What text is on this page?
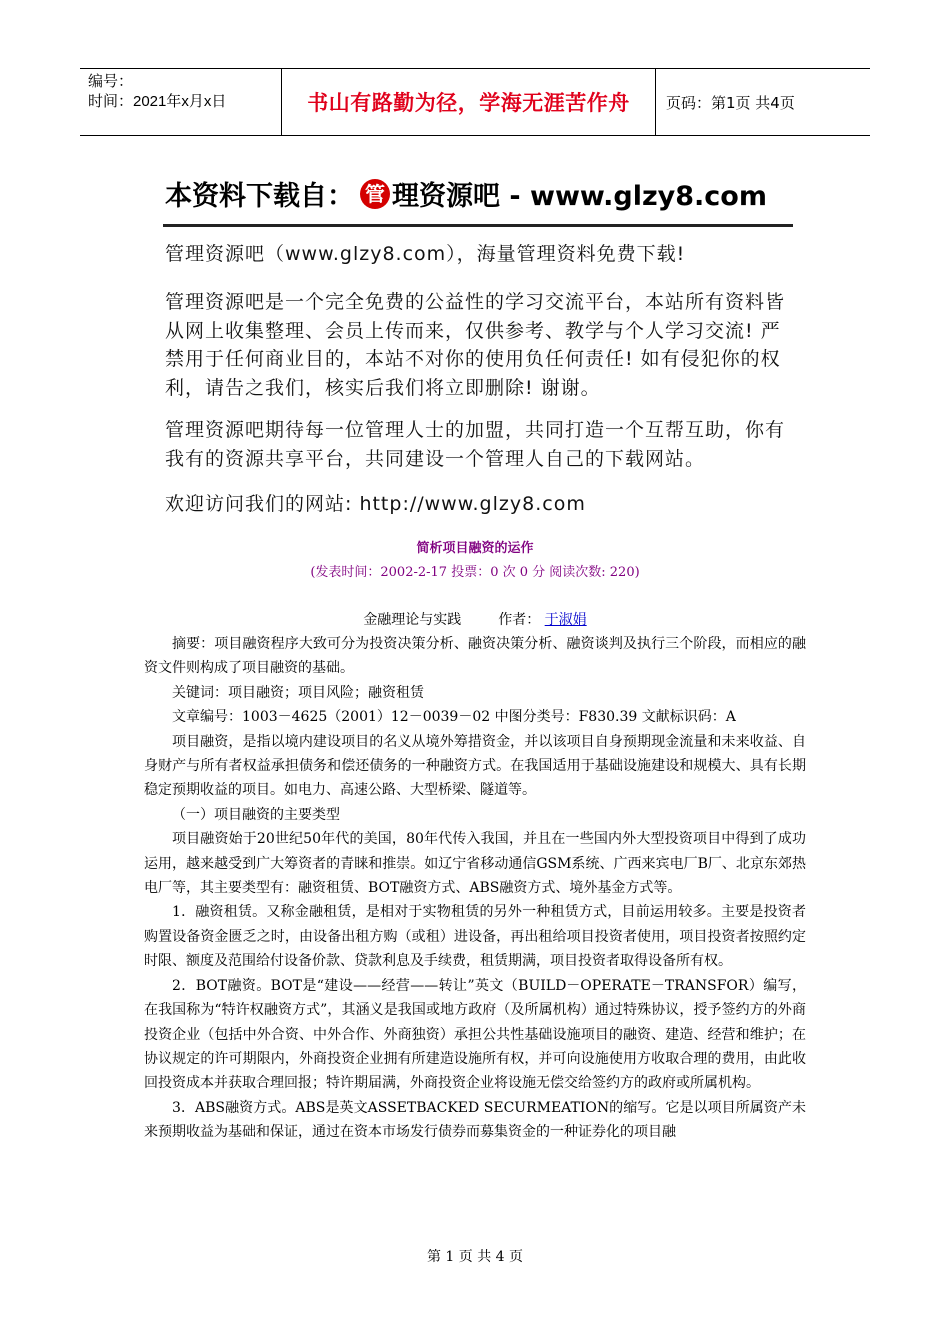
编号：
时间：2021年x月x日	书山有路勤为径，学海无涯苦作舟	页码：第1页 共4页
本资料下载自： 管 理资源吧 - www.glzy8.com
管理资源吧（www.glzy8.com），海量管理资料免费下载!
管理资源吧是一个完全免费的公益性的学习交流平台，本站所有资料皆从网上收集整理、会员上传而来，仅供参考、教学与个人学习交流! 严禁用于任何商业目的，本站不对你的使用负任何责任! 如有侵犯你的权利，请告之我们，核实后我们将立即删除! 谢谢。
管理资源吧期待每一位管理人士的加盟，共同打造一个互帮互助，你有我有的资源共享平台，共同建设一个管理人自己的下载网站。
欢迎访问我们的网站: http://www.glzy8.com
简析项目融资的运作
(发表时间：2002-2-17 投票：0 次 0 分 阅读次数: 220)
金融理论与实践	作者： 于淑娟

摘要：项目融资程序大致可分为投资决策分析、融资决策分析、融资谈判及执行三个阶段，而相应的融资文件则构成了项目融资的基础。

关键词：项目融资；项目风险；融资租赁

文章编号：1003－4625（2001）12－0039－02 中图分类号：F830.39 文献标识码：A

项目融资，是指以境内建设项目的名义从境外筹措资金，并以该项目自身预期现金流量和未来收益、自身财产与所有者权益承担债务和偿还债务的一种融资方式。在我国适用于基础设施建设和规模大、具有长期稳定预期收益的项目。如电力、高速公路、大型桥梁、隧道等。

（一）项目融资的主要类型

项目融资始于20世纪50年代的美国，80年代传入我国，并且在一些国内外大型投资项目中得到了成功运用，越来越受到广大筹资者的青睐和推崇。如辽宁省移动通信GSM系统、广西来宾电厂B厂、北京东郊热电厂等，其主要类型有：融资租赁、BOT融资方式、ABS融资方式、境外基金方式等。

1．融资租赁。又称金融租赁，是相对于实物租赁的另外一种租赁方式，目前运用较多。主要是投资者购置设备资金匮乏之时，由设备出租方购（或租）进设备，再出租给项目投资者使用，项目投资者按照约定时限、额度及范围给付设备价款、贷款利息及手续费，租赁期满，项目投资者取得设备所有权。

2．BOT融资。BOT是“建设——经营——转让”英文（BUILD－OPERATE－TRANSFOR）编写，在我国称为“特许权融资方式”，其涵义是我国或地方政府（及所属机构）通过特殊协议，授予签约方的外商投资企业（包括中外合资、中外合作、外商独资）承担公共性基础设施项目的融资、建造、经营和维护；在协议规定的许可期限内，外商投资企业拥有所建造设施所有权，并可向设施使用方收取合理的费用，由此收回投资成本并获取合理回报；特许期届满，外商投资企业将设施无偿交给签约方的政府或所属机构。

3．ABS融资方式。ABS是英文ASSETBACKED SECURMEATION的缩写。它是以项目所属资产未来预期收益为基础和保证，通过在资本市场发行债券而募集资金的一种证券化的项目融

第 1 页 共 4 页
